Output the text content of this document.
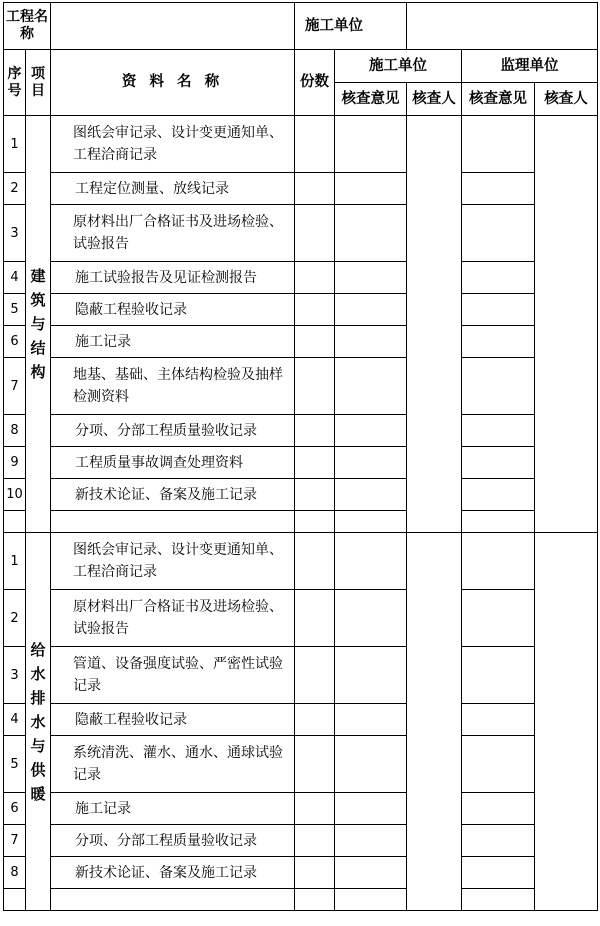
工程名称			施工单位				
序号	项目	资 料 名 称	份数	施工单位		监理单位	
				核查意见	核查人	核查意见	核查人
1	建筑与结构	图纸会审记录、设计变更通知单、工程洽商记录					
2		工程定位测量、放线记录					
3		原材料出厂合格证书及进场检验、试验报告					
4		施工试验报告及见证检测报告					
5		隐蔽工程验收记录					
6		施工记录					
7		地基、基础、主体结构检验及抽样检测资料					
8		分项、分部工程质量验收记录					
9		工程质量事故调查处理资料					
10		新技术论证、备案及施工记录					

1	给水排水与供暖	图纸会审记录、设计变更通知单、工程洽商记录					
2		原材料出厂合格证书及进场检验、试验报告					
3		管道、设备强度试验、严密性试验记录					
4		隐蔽工程验收记录					
5		系统清洗、灌水、通水、通球试验记录					
6		施工记录					
7		分项、分部工程质量验收记录					
8		新技术论证、备案及施工记录					
